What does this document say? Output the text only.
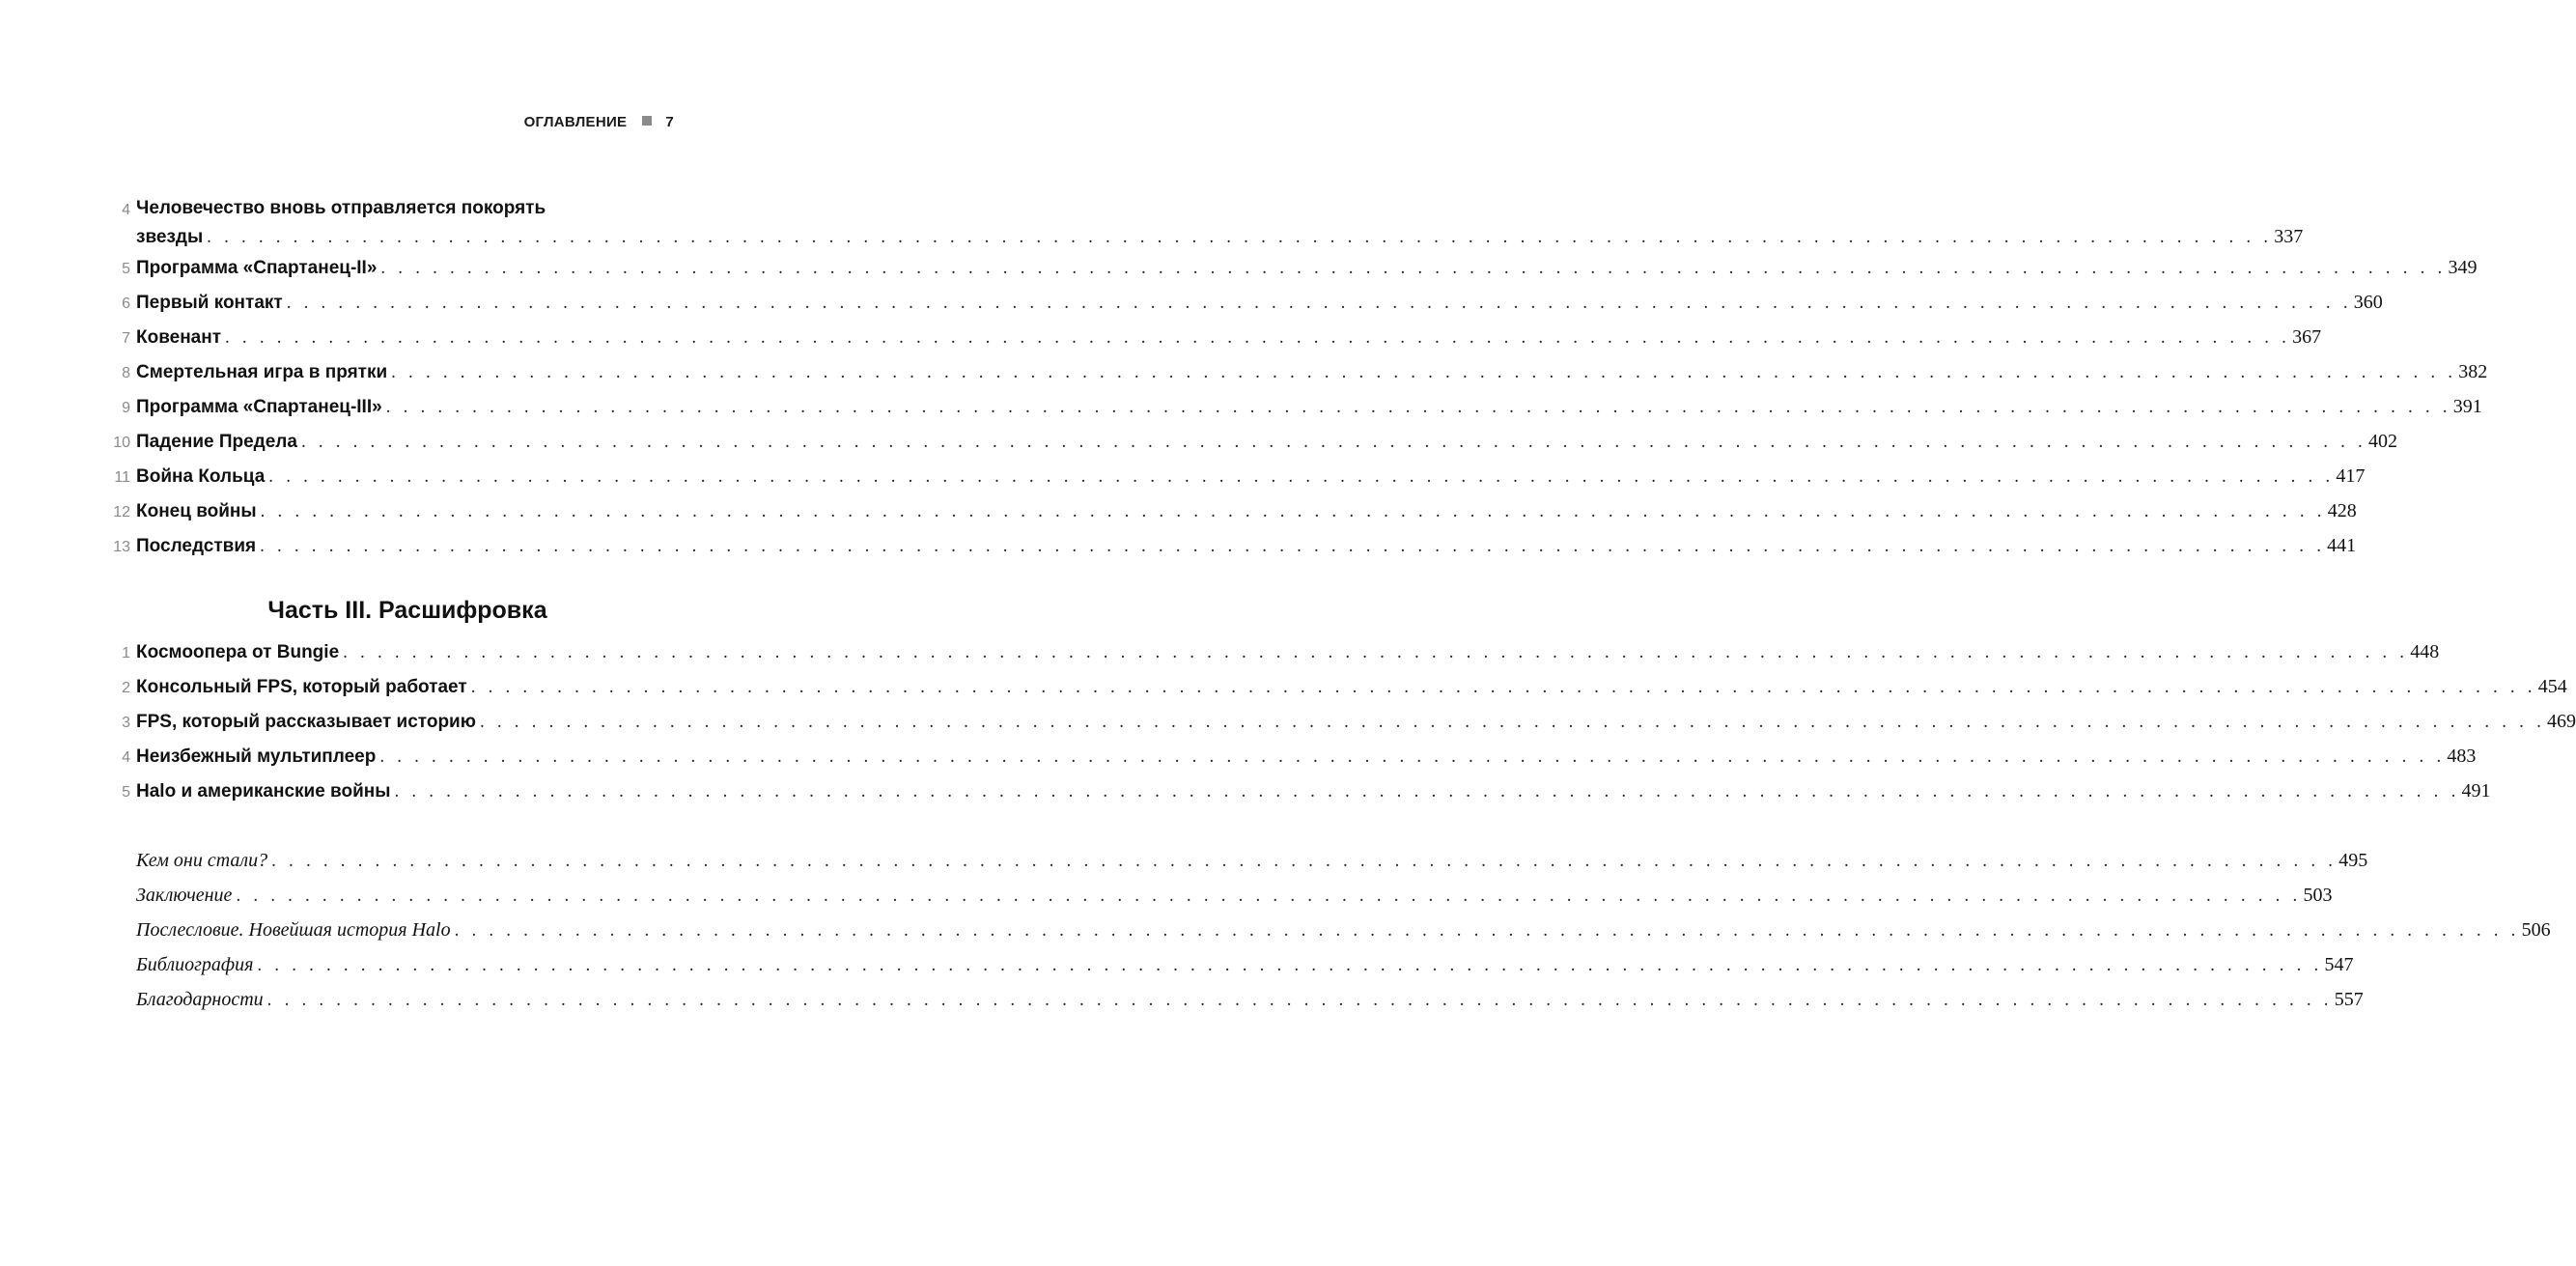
ОГЛАВЛЕНИЕ	7
4 Человечество вновь отправляется покорять
звезды . . . . . . . . . . . . . . . . . . . . . . . . . . . . . . . . . . . . . . . . . . . . . . . . . . . . . . . . . . . . . . . . . . . . . . . . . . . . . . . . . . . . . . . . . . . . . . . . . . . . . . . . . . . . . . . . . . . . . . . . 337
5 Программа «Спартанец-II» . . . . . . . . . . . . . . . . . . . . . . . . . . . . . . . . . . . . . . . . . . . . . . . . . . . . . . . . . . . . . . . . . . . . . . . . . . . . . . . . . . . . . . . . . . . . . . . . . . . . . . . . . . . . . . . . . . . . . . . . 349
6 Первый контакт . . . . . . . . . . . . . . . . . . . . . . . . . . . . . . . . . . . . . . . . . . . . . . . . . . . . . . . . . . . . . . . . . . . . . . . . . . . . . . . . . . . . . . . . . . . . . . . . . . . . . . . . . . . . . . . . . . . . . . . . 360
7 Ковенант . . . . . . . . . . . . . . . . . . . . . . . . . . . . . . . . . . . . . . . . . . . . . . . . . . . . . . . . . . . . . . . . . . . . . . . . . . . . . . . . . . . . . . . . . . . . . . . . . . . . . . . . . . . . . . . . . . . . . . . . 367
8 Смертельная игра в прятки . . . . . . . . . . . . . . . . . . . . . . . . . . . . . . . . . . . . . . . . . . . . . . . . . . . . . . . . . . . . . . . . . . . . . . . . . . . . . . . . . . . . . . . . . . . . . . . . . . . . . . . . . . . . . . . . . . . . . . . . 382
9 Программа «Спартанец-III» . . . . . . . . . . . . . . . . . . . . . . . . . . . . . . . . . . . . . . . . . . . . . . . . . . . . . . . . . . . . . . . . . . . . . . . . . . . . . . . . . . . . . . . . . . . . . . . . . . . . . . . . . . . . . . . . . . . . . . . . 391
10 Падение Предела . . . . . . . . . . . . . . . . . . . . . . . . . . . . . . . . . . . . . . . . . . . . . . . . . . . . . . . . . . . . . . . . . . . . . . . . . . . . . . . . . . . . . . . . . . . . . . . . . . . . . . . . . . . . . . . . . . . . . . . . 402
11 Война Кольца . . . . . . . . . . . . . . . . . . . . . . . . . . . . . . . . . . . . . . . . . . . . . . . . . . . . . . . . . . . . . . . . . . . . . . . . . . . . . . . . . . . . . . . . . . . . . . . . . . . . . . . . . . . . . . . . . . . . . . . . 417
12 Конец войны . . . . . . . . . . . . . . . . . . . . . . . . . . . . . . . . . . . . . . . . . . . . . . . . . . . . . . . . . . . . . . . . . . . . . . . . . . . . . . . . . . . . . . . . . . . . . . . . . . . . . . . . . . . . . . . . . . . . . . . . 428
13 Последствия . . . . . . . . . . . . . . . . . . . . . . . . . . . . . . . . . . . . . . . . . . . . . . . . . . . . . . . . . . . . . . . . . . . . . . . . . . . . . . . . . . . . . . . . . . . . . . . . . . . . . . . . . . . . . . . . . . . . . . . . 441
Часть III. Расшифровка
1 Космоопера от Bungie . . . . . . . . . . . . . . . . . . . . . . . . . . . . . . . . . . . . . . . . . . . . . . . . . . . . . . . . . . . . . . . . . . . . . . . . . . . . . . . . . . . . . . . . . . . . . . . . . . . . . . . . . . . . . . . . . . . . . . . . 448
2 Консольный FPS, который работает . . . . . . . . . . . . . . . . . . . . . . . . . . . . . . . . . . . . . . . . . . . . . . . . . . . . . . . . . . . . . . . . . . . . . . . . . . . . . . . . . . . . . . . . . . . . . . . . . . . . . . . . . . . . . . . . . . . . . . . . 454
3 FPS, который рассказывает историю . . . . . . . . . . . . . . . . . . . . . . . . . . . . . . . . . . . . . . . . . . . . . . . . . . . . . . . . . . . . . . . . . . . . . . . . . . . . . . . . . . . . . . . . . . . . . . . . . . . . . . . . . . . . . . . . . . . . . . . . 469
4 Неизбежный мультиплеер . . . . . . . . . . . . . . . . . . . . . . . . . . . . . . . . . . . . . . . . . . . . . . . . . . . . . . . . . . . . . . . . . . . . . . . . . . . . . . . . . . . . . . . . . . . . . . . . . . . . . . . . . . . . . . . . . . . . . . . . 483
5 Halo и американские войны . . . . . . . . . . . . . . . . . . . . . . . . . . . . . . . . . . . . . . . . . . . . . . . . . . . . . . . . . . . . . . . . . . . . . . . . . . . . . . . . . . . . . . . . . . . . . . . . . . . . . . . . . . . . . . . . . . . . . . . . 491
Кем они стали? . . . . . . . . . . . . . . . . . . . . . . . . . . . . . . . . . . . . . . . . . . . . . . . . . . . . . . . . . . . . . . . . . . . . . . . . . . . . . . . . . . . . . . . . . . . . . . . . . . . . . . . . . . . . . . . . . . . . . . . . 495
Заключение . . . . . . . . . . . . . . . . . . . . . . . . . . . . . . . . . . . . . . . . . . . . . . . . . . . . . . . . . . . . . . . . . . . . . . . . . . . . . . . . . . . . . . . . . . . . . . . . . . . . . . . . . . . . . . . . . . . . . . . . 503
Послесловие. Новейшая история Halo . . . . . . . . . . . . . . . . . . . . . . . . . . . . . . . . . . . . . . . . . . . . . . . . . . . . . . . . . . . . . . . . . . . . . . . . . . . . . . . . . . . . . . . . . . . . . . . . . . . . . . . . . . . . . . . . . . . . . . . . 506
Библиография . . . . . . . . . . . . . . . . . . . . . . . . . . . . . . . . . . . . . . . . . . . . . . . . . . . . . . . . . . . . . . . . . . . . . . . . . . . . . . . . . . . . . . . . . . . . . . . . . . . . . . . . . . . . . . . . . . . . . . . . 547
Благодарности . . . . . . . . . . . . . . . . . . . . . . . . . . . . . . . . . . . . . . . . . . . . . . . . . . . . . . . . . . . . . . . . . . . . . . . . . . . . . . . . . . . . . . . . . . . . . . . . . . . . . . . . . . . . . . . . . . . . . . . . 557
